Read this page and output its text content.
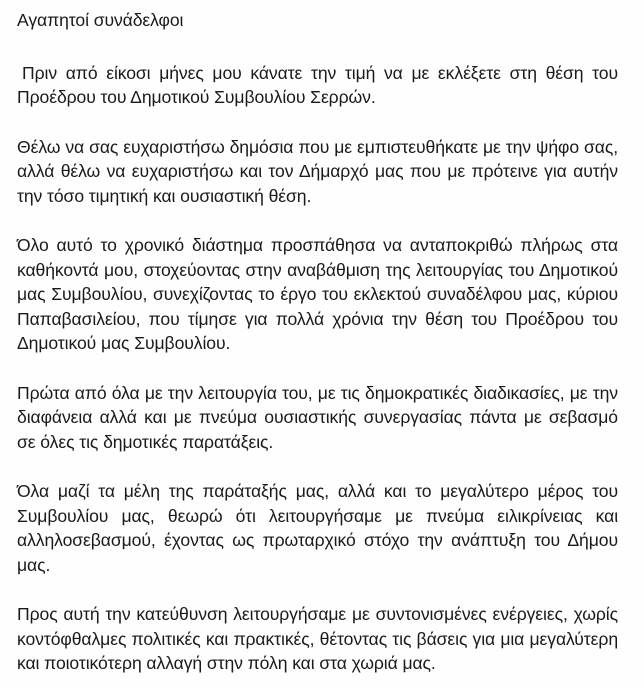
Αγαπητοί συνάδελφοι

Πριν από είκοσι μήνες μου κάνατε την τιμή να με εκλέξετε στη θέση του Προέδρου του Δημοτικού Συμβουλίου Σερρών.

Θέλω να σας ευχαριστήσω δημόσια που με εμπιστευθήκατε με την ψήφο σας, αλλά θέλω να ευχαριστήσω και τον Δήμαρχό μας που με πρότεινε για αυτήν την τόσο τιμητική και ουσιαστική θέση.

Όλο αυτό το χρονικό διάστημα προσπάθησα να ανταποκριθώ πλήρως στα καθήκοντά μου, στοχεύοντας στην αναβάθμιση της λειτουργίας του Δημοτικού μας Συμβουλίου, συνεχίζοντας το έργο του εκλεκτού συναδέλφου μας, κύριου Παπαβασιλείου, που τίμησε για πολλά χρόνια την θέση του Προέδρου του Δημοτικού μας Συμβουλίου.

Πρώτα από όλα με την λειτουργία του, με τις δημοκρατικές διαδικασίες, με την διαφάνεια αλλά και με πνεύμα ουσιαστικής συνεργασίας πάντα με σεβασμό σε όλες τις δημοτικές παρατάξεις.

Όλα μαζί τα μέλη της παράταξής μας, αλλά και το μεγαλύτερο μέρος του Συμβουλίου μας, θεωρώ ότι λειτουργήσαμε με πνεύμα ειλικρίνειας και αλληλοσεβασμού, έχοντας ως πρωταρχικό στόχο την ανάπτυξη του Δήμου μας.

Προς αυτή την κατεύθυνση λειτουργήσαμε με συντονισμένες ενέργειες, χωρίς κοντόφθαλμες πολιτικές και πρακτικές, θέτοντας τις βάσεις για μια μεγαλύτερη και ποιοτικότερη αλλαγή στην πόλη και στα χωριά μας.
